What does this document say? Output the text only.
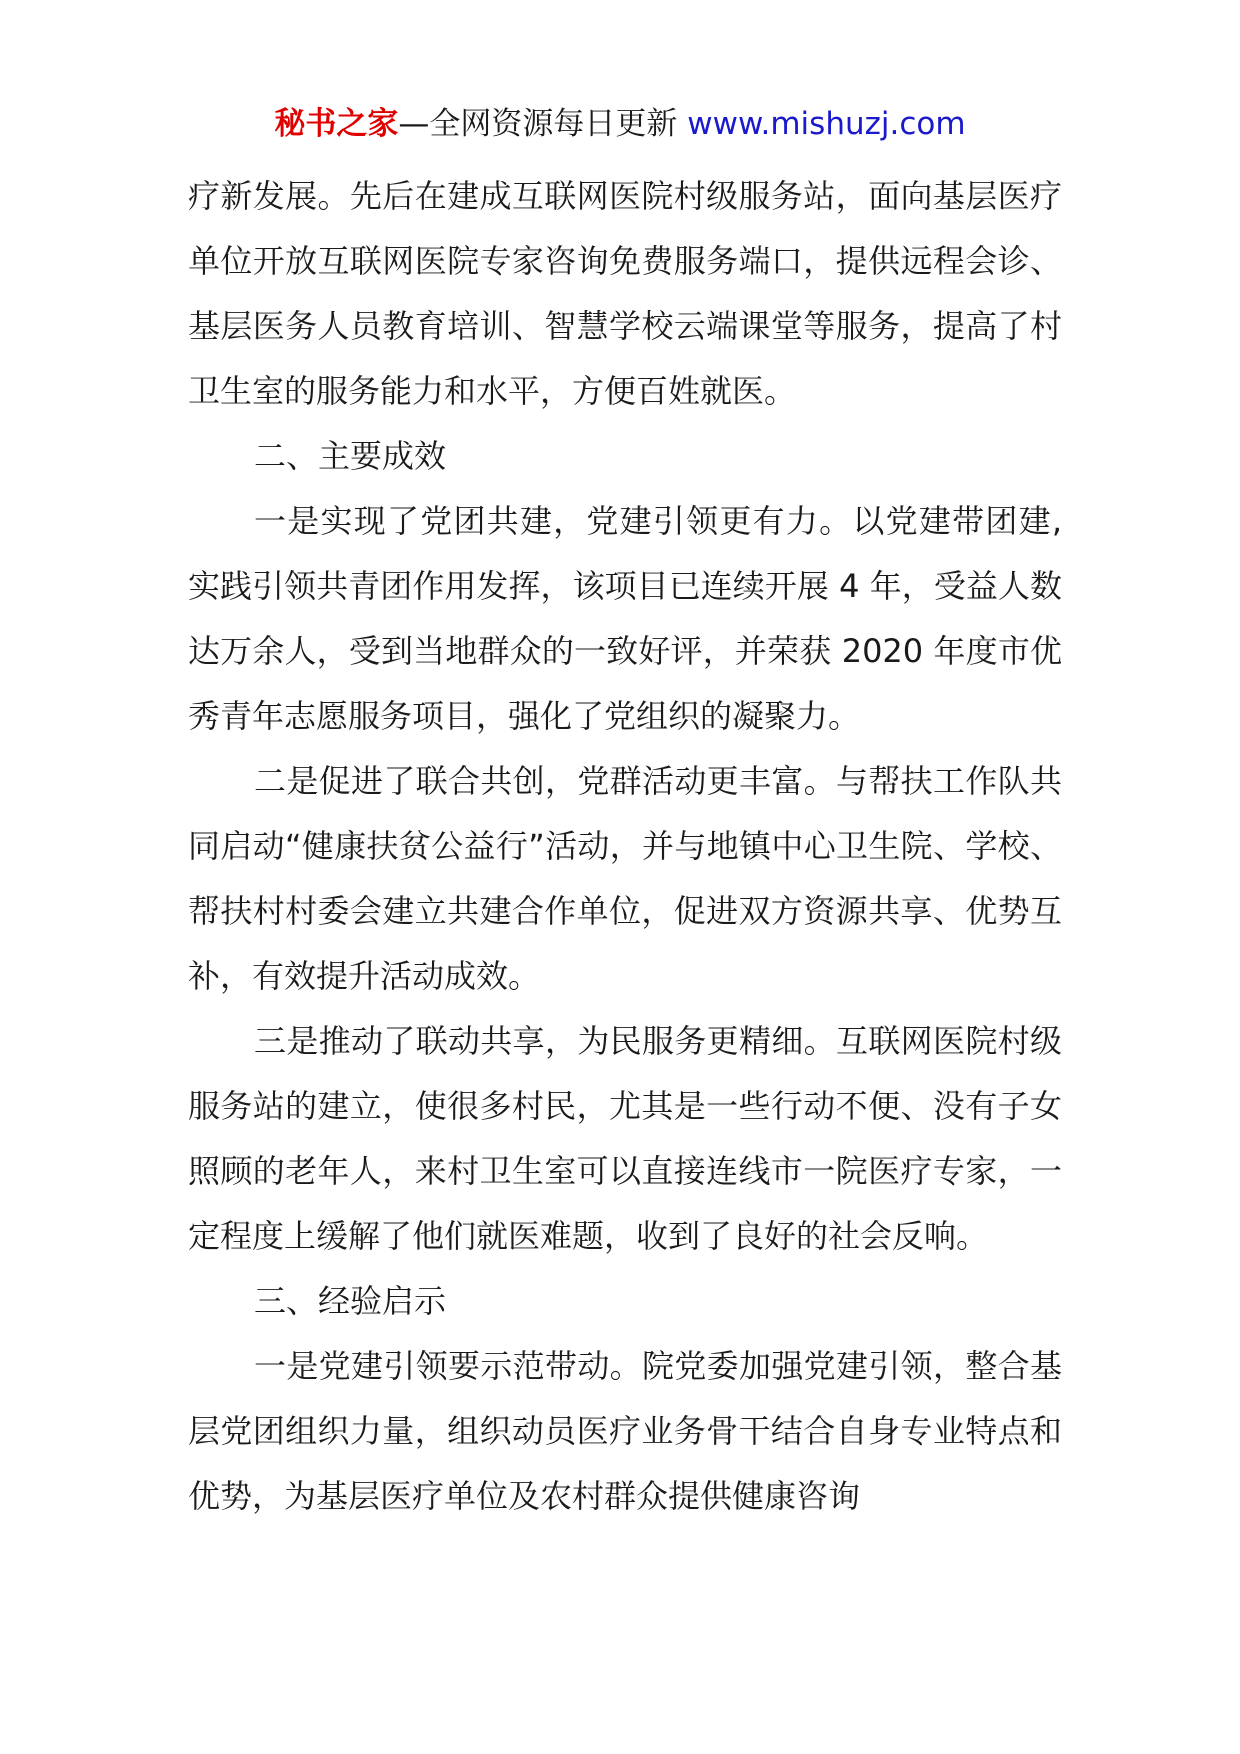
秘书之家—全网资源每日更新 www.mishuzj.com

疗新发展。先后在建成互联网医院村级服务站，面向基层医疗单位开放互联网医院专家咨询免费服务端口，提供远程会诊、基层医务人员教育培训、智慧学校云端课堂等服务，提高了村卫生室的服务能力和水平，方便百姓就医。

二、主要成效

一是实现了党团共建，党建引领更有力。以党建带团建,实践引领共青团作用发挥，该项目已连续开展 4 年，受益人数达万余人，受到当地群众的一致好评，并荣获 2020 年度市优秀青年志愿服务项目，强化了党组织的凝聚力。

二是促进了联合共创，党群活动更丰富。与帮扶工作队共同启动“健康扶贫公益行”活动，并与地镇中心卫生院、学校、帮扶村村委会建立共建合作单位，促进双方资源共享、优势互补，有效提升活动成效。

三是推动了联动共享，为民服务更精细。互联网医院村级服务站的建立，使很多村民，尤其是一些行动不便、没有子女照顾的老年人，来村卫生室可以直接连线市一院医疗专家，一定程度上缓解了他们就医难题，收到了良好的社会反响。

三、经验启示

一是党建引领要示范带动。院党委加强党建引领，整合基层党团组织力量，组织动员医疗业务骨干结合自身专业特点和优势，为基层医疗单位及农村群众提供健康咨询
